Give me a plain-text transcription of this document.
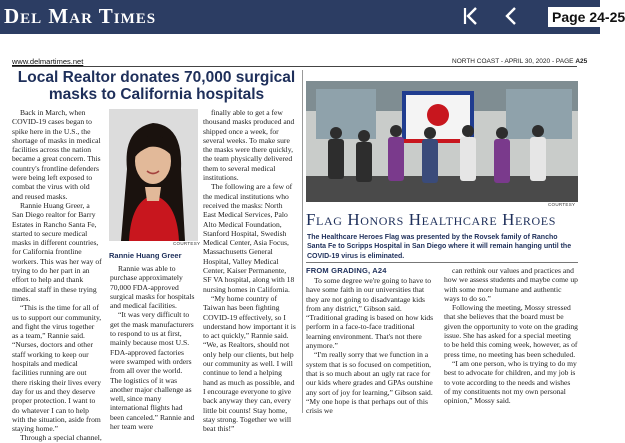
Del Mar Times	Page 24-25
www.delmartimes.net	NORTH COAST - APRIL 30, 2020 - PAGE A25
Local Realtor donates 70,000 surgical masks to California hospitals

Back in March, when COVID-19 cases began to spike here in the U.S., the shortage of masks in medical facilities across the nation became a great concern. This country's frontline defenders were being left exposed to combat the virus with old and reused masks.

Rannie Huang Greer, a San Diego realtor for Barry Estates in Rancho Santa Fe, started to secure medical masks in different countries, for California frontline workers. This was her way of trying to do her part in an effort to help and thank medical staff in these trying times.

“This is the time for all of us to support our community, and fight the virus together as a team,” Rannie said. “Nurses, doctors and other staff working to keep our hospitals and medical facilities running are out there risking their lives every day for us and they deserve proper protection. I want to do whatever I can to help with the situation, aside from staying home.”

Through a special channel,

COURTESY
Rannie Huang Greer

Rannie was able to purchase approximately 70,000 FDA-approved surgical masks for hospitals and medical facilities.

“It was very difficult to get the mask manufacturers to respond to us at first, mainly because most U.S. FDA-approved factories were swamped with orders from all over the world. The logistics of it was another major challenge as well, since many international flights had been canceled.” Rannie and her team were

finally able to get a few thousand masks produced and shipped once a week, for several weeks. To make sure the masks were there quickly, the team physically delivered them to several medical institutions.

The following are a few of the medical institutions who received the masks: North East Medical Services, Palo Alto Medical Foundation, Stanford Hospital, Swedish Medical Center, Asia Focus, Massachusetts General Hospital, Valley Medical Center, Kaiser Permanente, SF VA hospital, along with 18 nursing homes in California.

“My home country of Taiwan has been fighting COVID-19 effectively, so I understand how important it is to act quickly,” Rannie said. “We, as Realtors, should not only help our clients, but help our community as well. I will continue to lend a helping hand as much as possible, and I encourage everyone to give back anyway they can, every little bit counts! Stay home, stay strong. Together we will beat this!”

COURTESY
Flag Honors Healthcare Heroes
The Healthcare Heroes Flag was presented by the Rovsek family of Rancho Santa Fe to Scripps Hospital in San Diego where it will remain hanging until the COVID-19 virus is eliminated.
FROM GRADING, A24

To some degree we're going to have to have some faith in our universities that they are not going to disadvantage kids from any district,” Gibson said. “Traditional grading is based on how kids perform in a face-to-face traditional learning environment. That's not there anymore.”

“I'm really sorry that we function in a system that is so focused on competition, that is so much about an ugly rat race for our kids where grades and GPAs outshine any sort of joy for learning,” Gibson said. “My one hope is that perhaps out of this crisis we

can rethink our values and practices and how we assess students and maybe come up with some more humane and authentic ways to do so.”

Following the meeting, Mossy stressed that she believes that the board must be given the opportunity to vote on the grading issue. She has asked for a special meeting to be held this coming week, however, as of press time, no meeting has been scheduled.

“I am one person, who is trying to do my best to advocate for children, and my job is to vote according to the needs and wishes of my constituents not my own personal opinion,” Mossy said.
